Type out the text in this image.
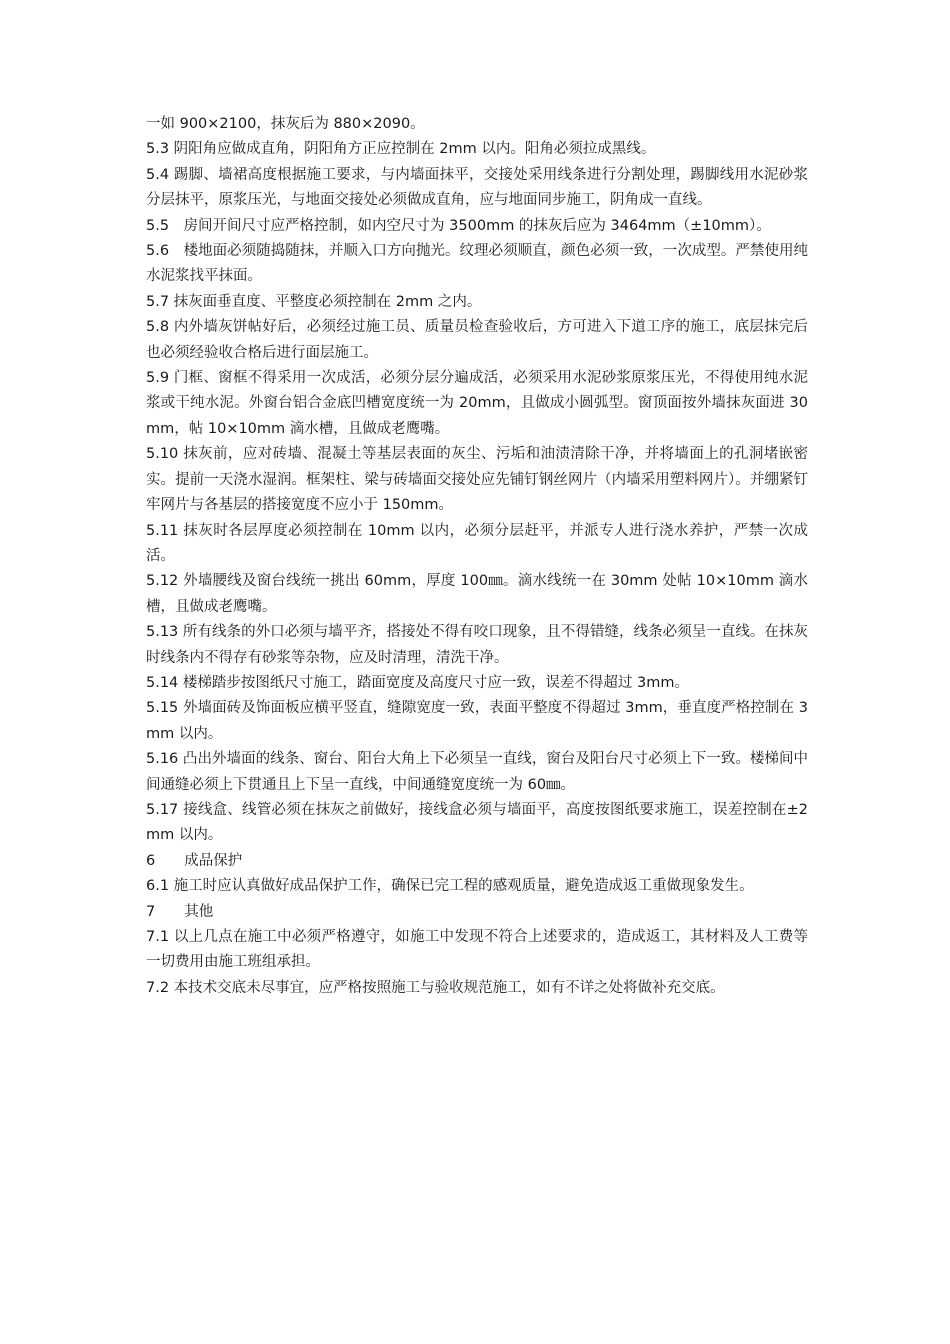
一如 900×2100，抹灰后为 880×2090。

5.3 阴阳角应做成直角，阴阳角方正应控制在 2mm 以内。阳角必须拉成黑线。

5.4 踢脚、墙裙高度根据施工要求，与内墙面抹平，交接处采用线条进行分割处理，踢脚线用水泥砂浆分层抹平，原浆压光，与地面交接处必须做成直角，应与地面同步施工，阴角成一直线。

5.5　房间开间尺寸应严格控制，如内空尺寸为 3500mm 的抹灰后应为 3464mm（±10mm）。

5.6　楼地面必须随捣随抹，并顺入口方向抛光。纹理必须顺直，颜色必须一致，一次成型。严禁使用纯水泥浆找平抹面。

5.7 抹灰面垂直度、平整度必须控制在 2mm 之内。

5.8 内外墙灰饼帖好后，必须经过施工员、质量员检查验收后，方可进入下道工序的施工，底层抹完后也必须经验收合格后进行面层施工。

5.9 门框、窗框不得采用一次成活，必须分层分遍成活，必须采用水泥砂浆原浆压光，不得使用纯水泥浆或干纯水泥。外窗台铝合金底凹槽宽度统一为 20mm，且做成小圆弧型。窗顶面按外墙抹灰面进 30mm，帖 10×10mm 滴水槽，且做成老鹰嘴。

5.10 抹灰前，应对砖墙、混凝土等基层表面的灰尘、污垢和油渍清除干净，并将墙面上的孔洞堵嵌密实。提前一天浇水湿润。框架柱、梁与砖墙面交接处应先铺钉钢丝网片（内墙采用塑料网片）。并绷紧钉牢网片与各基层的搭接宽度不应小于 150mm。

5.11 抹灰时各层厚度必须控制在 10mm 以内，必须分层赶平，并派专人进行浇水养护，严禁一次成活。

5.12 外墙腰线及窗台线统一挑出 60mm，厚度 100㎜。滴水线统一在 30mm 处帖 10×10mm 滴水槽，且做成老鹰嘴。

5.13 所有线条的外口必须与墙平齐，搭接处不得有咬口现象，且不得错缝，线条必须呈一直线。在抹灰时线条内不得存有砂浆等杂物，应及时清理，清洗干净。

5.14 楼梯踏步按图纸尺寸施工，踏面宽度及高度尺寸应一致，误差不得超过 3mm。

5.15 外墙面砖及饰面板应横平竖直，缝隙宽度一致，表面平整度不得超过 3mm，垂直度严格控制在 3mm 以内。

5.16 凸出外墙面的线条、窗台、阳台大角上下必须呈一直线，窗台及阳台尺寸必须上下一致。楼梯间中间通缝必须上下贯通且上下呈一直线，中间通缝宽度统一为 60㎜。

5.17 接线盒、线管必须在抹灰之前做好，接线盒必须与墙面平，高度按图纸要求施工，误差控制在±2mm 以内。

6　　成品保护

6.1 施工时应认真做好成品保护工作，确保已完工程的感观质量，避免造成返工重做现象发生。

7　　其他

7.1 以上几点在施工中必须严格遵守，如施工中发现不符合上述要求的，造成返工，其材料及人工费等一切费用由施工班组承担。

7.2 本技术交底未尽事宜，应严格按照施工与验收规范施工，如有不详之处将做补充交底。
